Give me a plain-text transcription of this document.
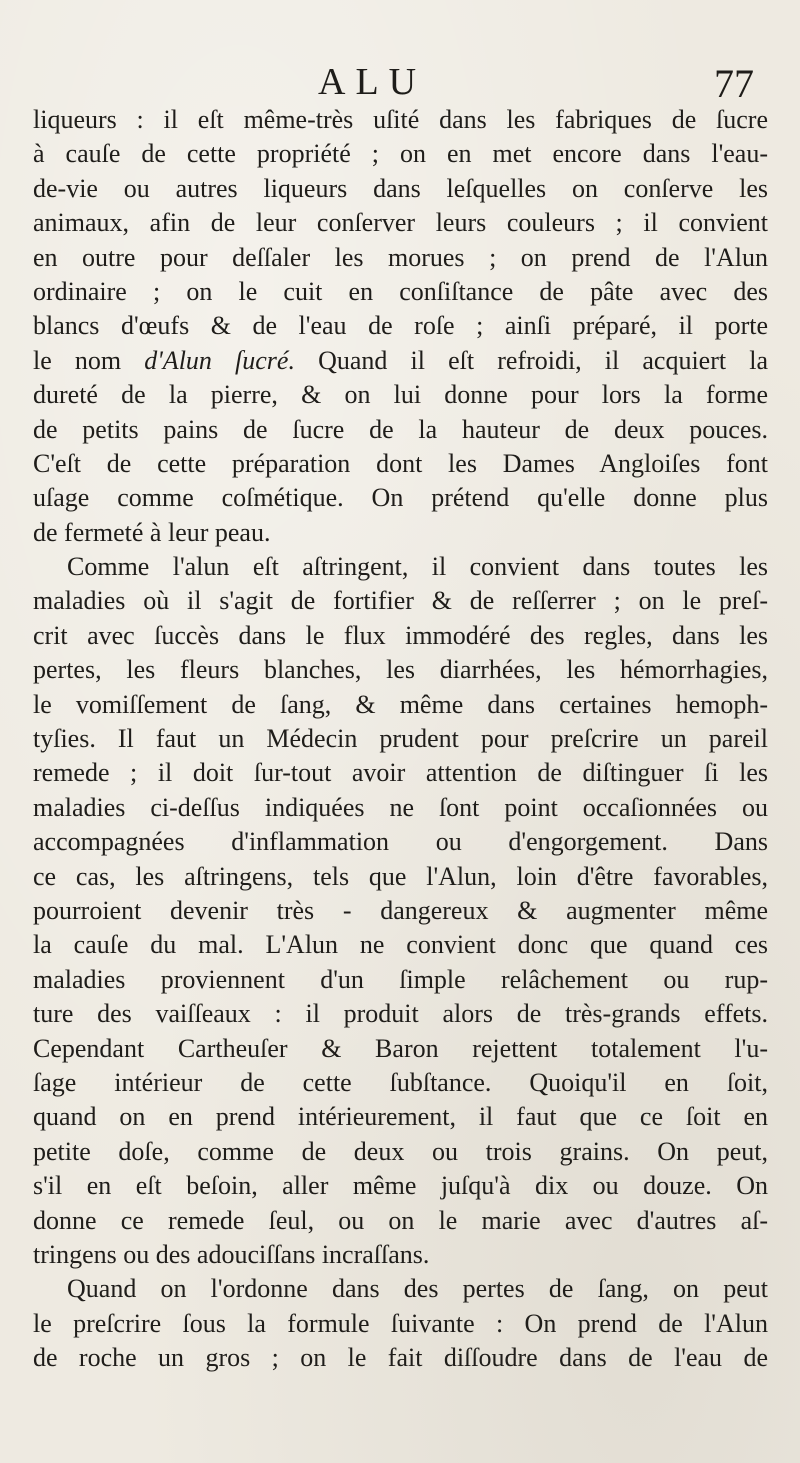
ALU	77
liqueurs : il eſt même-très uſité dans les fabriques de ſucre
à cauſe de cette propriété ; on en met encore dans l'eau-
de-vie ou autres liqueurs dans leſquelles on conſerve les
animaux, afin de leur conſerver leurs couleurs ; il convient
en outre pour deſſaler les morues ; on prend de l'Alun
ordinaire ; on le cuit en conſiſtance de pâte avec des
blancs d'œufs & de l'eau de roſe ; ainſi préparé, il porte
le nom d'Alun ſucré. Quand il eſt refroidi, il acquiert la
dureté de la pierre, & on lui donne pour lors la forme
de petits pains de ſucre de la hauteur de deux pouces.
C'eſt de cette préparation dont les Dames Angloiſes font
uſage comme coſmétique. On prétend qu'elle donne plus
de fermeté à leur peau.
Comme l'alun eſt aſtringent, il convient dans toutes les
maladies où il s'agit de fortifier & de reſſerrer ; on le preſ-
crit avec ſuccès dans le flux immodéré des regles, dans les
pertes, les fleurs blanches, les diarrhées, les hémorrhagies,
le vomiſſement de ſang, & même dans certaines hemoph-
tyſies. Il faut un Médecin prudent pour preſcrire un pareil
remede ; il doit ſur-tout avoir attention de diſtinguer ſi les
maladies ci-deſſus indiquées ne ſont point occaſionnées ou
accompagnées d'inflammation ou d'engorgement. Dans
ce cas, les aſtringens, tels que l'Alun, loin d'être favorables,
pourroient devenir très - dangereux & augmenter même
la cauſe du mal. L'Alun ne convient donc que quand ces
maladies proviennent d'un ſimple relâchement ou rup-
ture des vaiſſeaux : il produit alors de très-grands effets.
Cependant Cartheuſer & Baron rejettent totalement l'u-
ſage intérieur de cette ſubſtance. Quoiqu'il en ſoit,
quand on en prend intérieurement, il faut que ce ſoit en
petite doſe, comme de deux ou trois grains. On peut,
s'il en eſt beſoin, aller même juſqu'à dix ou douze. On
donne ce remede ſeul, ou on le marie avec d'autres aſ-
tringens ou des adouciſſans incraſſans.
Quand on l'ordonne dans des pertes de ſang, on peut
le preſcrire ſous la formule ſuivante : On prend de l'Alun
de roche un gros ; on le fait diſſoudre dans de l'eau de
